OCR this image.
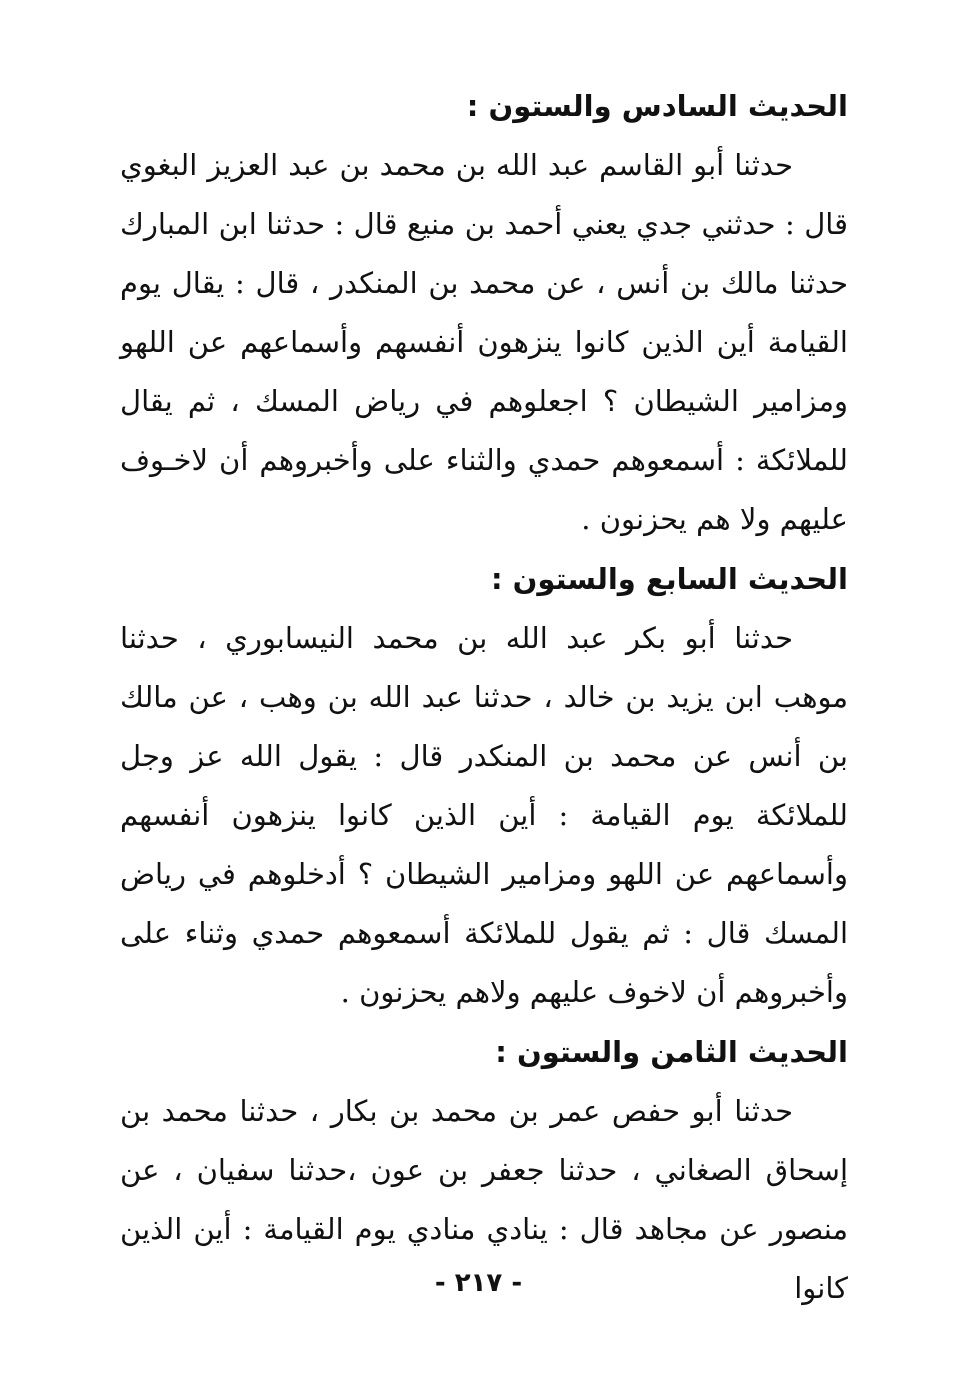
الحديث السادس والستون :

حدثنا أبو القاسم عبد الله بن محمد بن عبد العزيز البغوي قال : حدثني جدي يعني أحمد بن منيع قال : حدثنا ابن المبارك حدثنا مالك بن أنس ، عن محمد بن المنكدر ، قال : يقال يوم القيامة أين الذين كانوا ينزهون أنفسهم وأسماعهم عن اللهو ومزامير الشيطان ؟ اجعلوهم في رياض المسك ، ثم يقال للملائكة : أسمعوهم حمدي والثناء على وأخبروهم أن لاخـوف عليهم ولا هم يحزنون .

الحديث السابع والستون :

حدثنا أبو بكر عبد الله بن محمد النيسابوري ، حدثنا موهب ابن يزيد بن خالد ، حدثنا عبد الله بن وهب ، عن مالك بن أنس عن محمد بن المنكدر قال : يقول الله عز وجل للملائكة يوم القيامة : أين الذين كانوا ينزهون أنفسهم وأسماعهم عن اللهو ومزامير الشيطان ؟ أدخلوهم في رياض المسك قال : ثم يقول للملائكة أسمعوهم حمدي وثناء على وأخبروهم أن لاخوف عليهم ولاهم يحزنون .

الحديث الثامن والستون :

حدثنا أبو حفص عمر بن محمد بن بكار ، حدثنا محمد بن إسحاق الصغاني ، حدثنا جعفر بن عون ،حدثنا سفيان ، عن منصور عن مجاهد قال : ينادي منادي يوم القيامة : أين الذين كانوا

- ٢١٧ -
